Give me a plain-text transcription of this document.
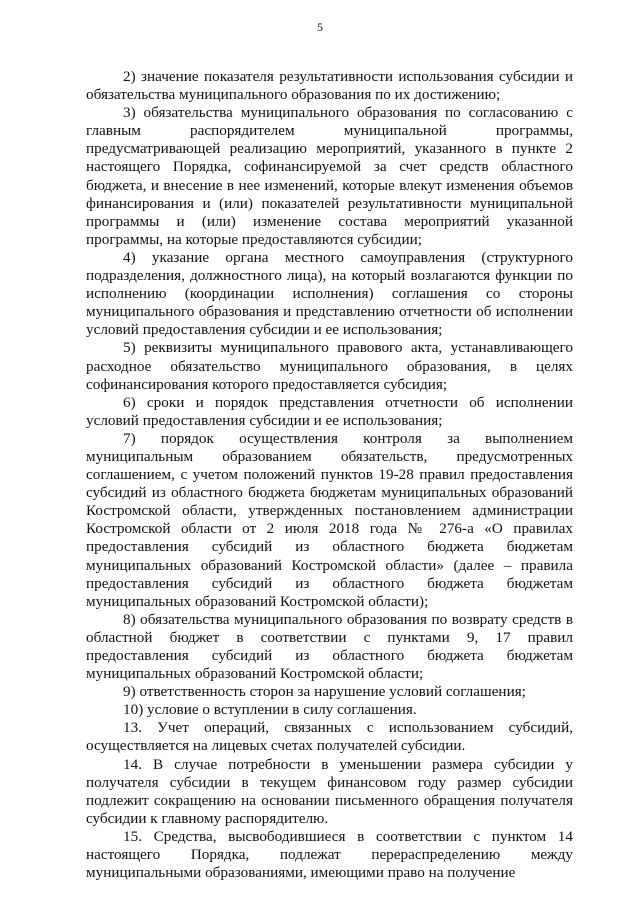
5

2) значение показателя результативности использования субсидии и обязательства муниципального образования по их достижению;

3) обязательства муниципального образования по согласованию с главным распорядителем муниципальной программы, предусматривающей реализацию мероприятий, указанного в пункте 2 настоящего Порядка, софинансируемой за счет средств областного бюджета, и внесение в нее изменений, которые влекут изменения объемов финансирования и (или) показателей результативности муниципальной программы и (или) изменение состава мероприятий указанной программы, на которые предоставляются субсидии;

4) указание органа местного самоуправления (структурного подразделения, должностного лица), на который возлагаются функции по исполнению (координации исполнения) соглашения со стороны муниципального образования и представлению отчетности об исполнении условий предоставления субсидии и ее использования;

5) реквизиты муниципального правового акта, устанавливающего расходное обязательство муниципального образования, в целях софинансирования которого предоставляется субсидия;

6) сроки и порядок представления отчетности об исполнении условий предоставления субсидии и ее использования;

7) порядок осуществления контроля за выполнением муниципальным образованием обязательств, предусмотренных соглашением, с учетом положений пунктов 19-28 правил предоставления субсидий из областного бюджета бюджетам муниципальных образований Костромской области, утвержденных постановлением администрации Костромской области от 2 июля 2018 года № 276-а «О правилах предоставления субсидий из областного бюджета бюджетам муниципальных образований Костромской области» (далее – правила предоставления субсидий из областного бюджета бюджетам муниципальных образований Костромской области);

8) обязательства муниципального образования по возврату средств в областной бюджет в соответствии с пунктами 9, 17 правил предоставления субсидий из областного бюджета бюджетам муниципальных образований Костромской области;

9) ответственность сторон за нарушение условий соглашения;

10) условие о вступлении в силу соглашения.

13. Учет операций, связанных с использованием субсидий, осуществляется на лицевых счетах получателей субсидии.

14. В случае потребности в уменьшении размера субсидии у получателя субсидии в текущем финансовом году размер субсидии подлежит сокращению на основании письменного обращения получателя субсидии к главному распорядителю.

15. Средства, высвободившиеся в соответствии с пунктом 14 настоящего Порядка, подлежат перераспределению между муниципальными образованиями, имеющими право на получение
